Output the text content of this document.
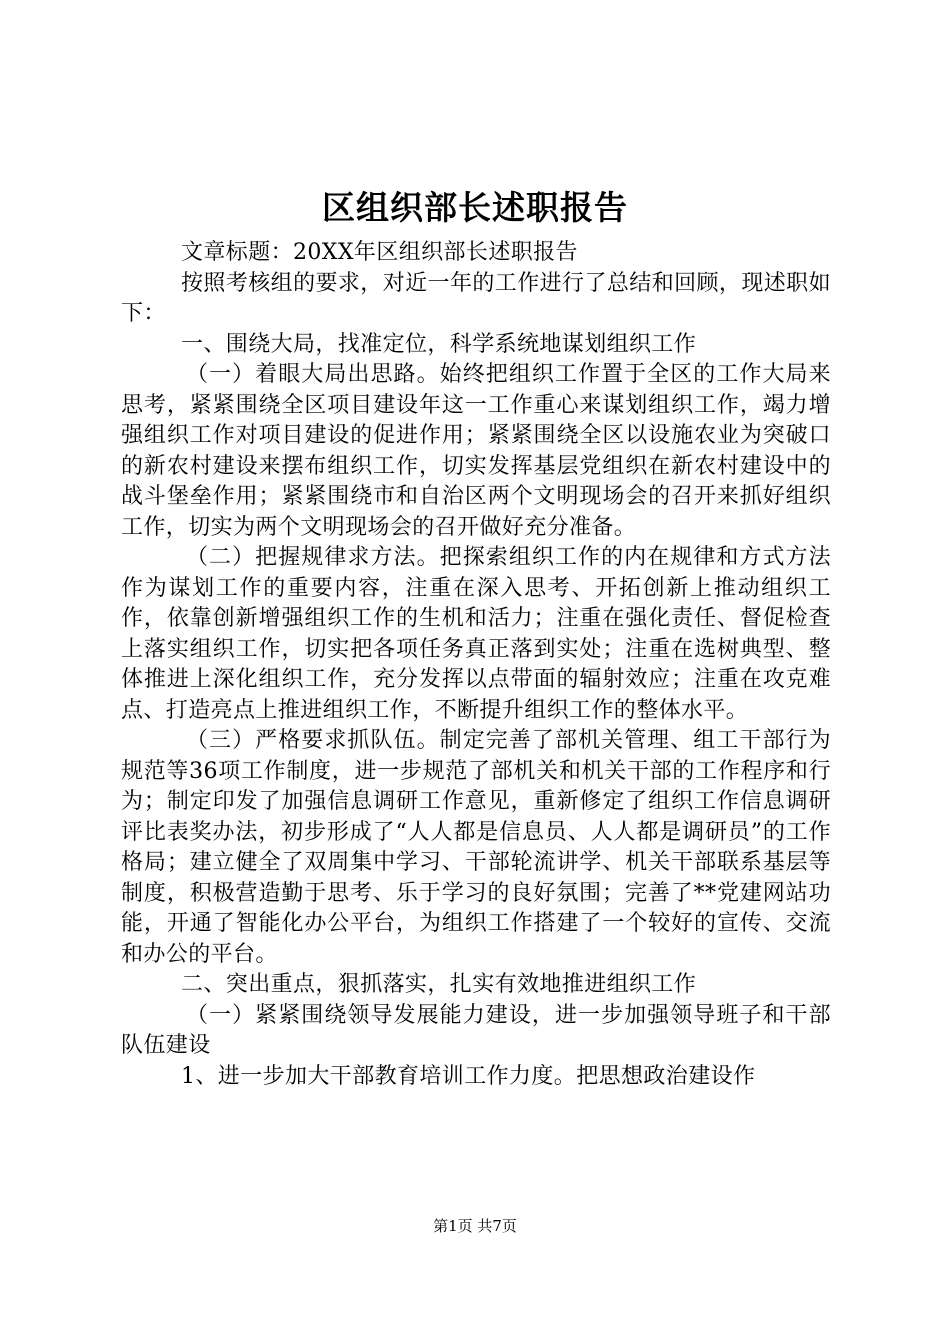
区组织部长述职报告

文章标题：20XX年区组织部长述职报告

按照考核组的要求，对近一年的工作进行了总结和回顾，现述职如下：

一、围绕大局，找准定位，科学系统地谋划组织工作

（一）着眼大局出思路。始终把组织工作置于全区的工作大局来思考，紧紧围绕全区项目建设年这一工作重心来谋划组织工作，竭力增强组织工作对项目建设的促进作用；紧紧围绕全区以设施农业为突破口的新农村建设来摆布组织工作，切实发挥基层党组织在新农村建设中的战斗堡垒作用；紧紧围绕市和自治区两个文明现场会的召开来抓好组织工作，切实为两个文明现场会的召开做好充分准备。

（二）把握规律求方法。把探索组织工作的内在规律和方式方法作为谋划工作的重要内容，注重在深入思考、开拓创新上推动组织工作，依靠创新增强组织工作的生机和活力；注重在强化责任、督促检查上落实组织工作，切实把各项任务真正落到实处；注重在选树典型、整体推进上深化组织工作，充分发挥以点带面的辐射效应；注重在攻克难点、打造亮点上推进组织工作，不断提升组织工作的整体水平。

（三）严格要求抓队伍。制定完善了部机关管理、组工干部行为规范等36项工作制度，进一步规范了部机关和机关干部的工作程序和行为；制定印发了加强信息调研工作意见，重新修定了组织工作信息调研评比表奖办法，初步形成了“人人都是信息员、人人都是调研员”的工作格局；建立健全了双周集中学习、干部轮流讲学、机关干部联系基层等制度，积极营造勤于思考、乐于学习的良好氛围；完善了**党建网站功能，开通了智能化办公平台，为组织工作搭建了一个较好的宣传、交流和办公的平台。

二、突出重点，狠抓落实，扎实有效地推进组织工作

（一）紧紧围绕领导发展能力建设，进一步加强领导班子和干部队伍建设

1、进一步加大干部教育培训工作力度。把思想政治建设作

第1页 共7页
